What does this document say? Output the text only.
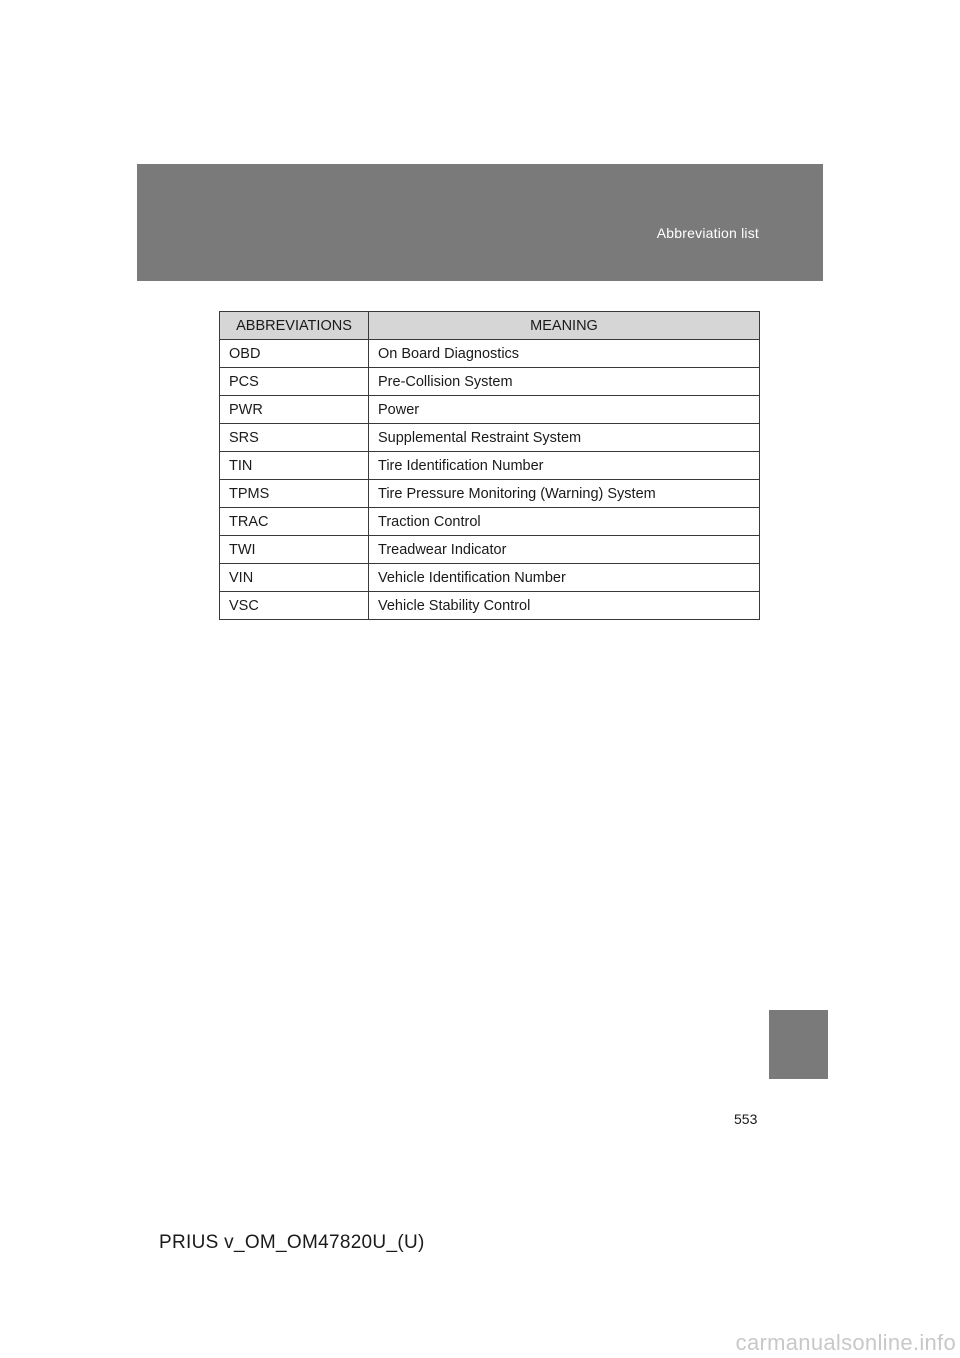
Abbreviation list
ABBREVIATIONS	MEANING
OBD	On Board Diagnostics
PCS	Pre-Collision System
PWR	Power
SRS	Supplemental Restraint System
TIN	Tire Identification Number
TPMS	Tire Pressure Monitoring (Warning) System
TRAC	Traction Control
TWI	Treadwear Indicator
VIN	Vehicle Identification Number
VSC	Vehicle Stability Control
553
PRIUS v_OM_OM47820U_(U)
carmanualsonline.info
